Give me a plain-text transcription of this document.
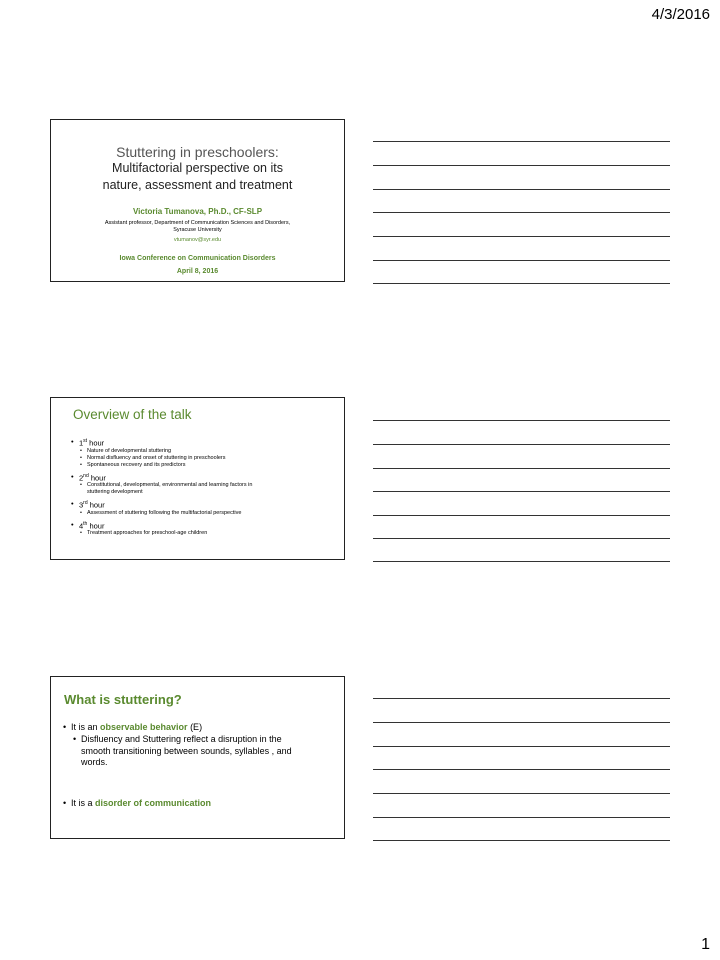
4/3/2016
Stuttering in preschoolers:
Multifactorial perspective on its
nature, assessment and treatment
Victoria Tumanova, Ph.D., CF-SLP
Assistant professor, Department of Communication Sciences and Disorders,
Syracuse University
vtumanov@syr.edu
Iowa Conference on Communication Disorders
April 8, 2016
Overview of the talk
• 1st hour
• Nature of developmental stuttering
• Normal disfluency and onset of stuttering in preschoolers
• Spontaneous recovery and its predictors
• 2nd hour
• Constitutional, developmental, environmental and learning factors in
stuttering development
• 3rd hour
• Assessment of stuttering following the multifactorial perspective
• 4th hour
• Treatment approaches for preschool-age children
What is stuttering?
• It is an observable behavior (E)
• Disfluency and Stuttering reflect a disruption in the
smooth transitioning between sounds, syllables , and
words.
• It is a disorder of communication
1
